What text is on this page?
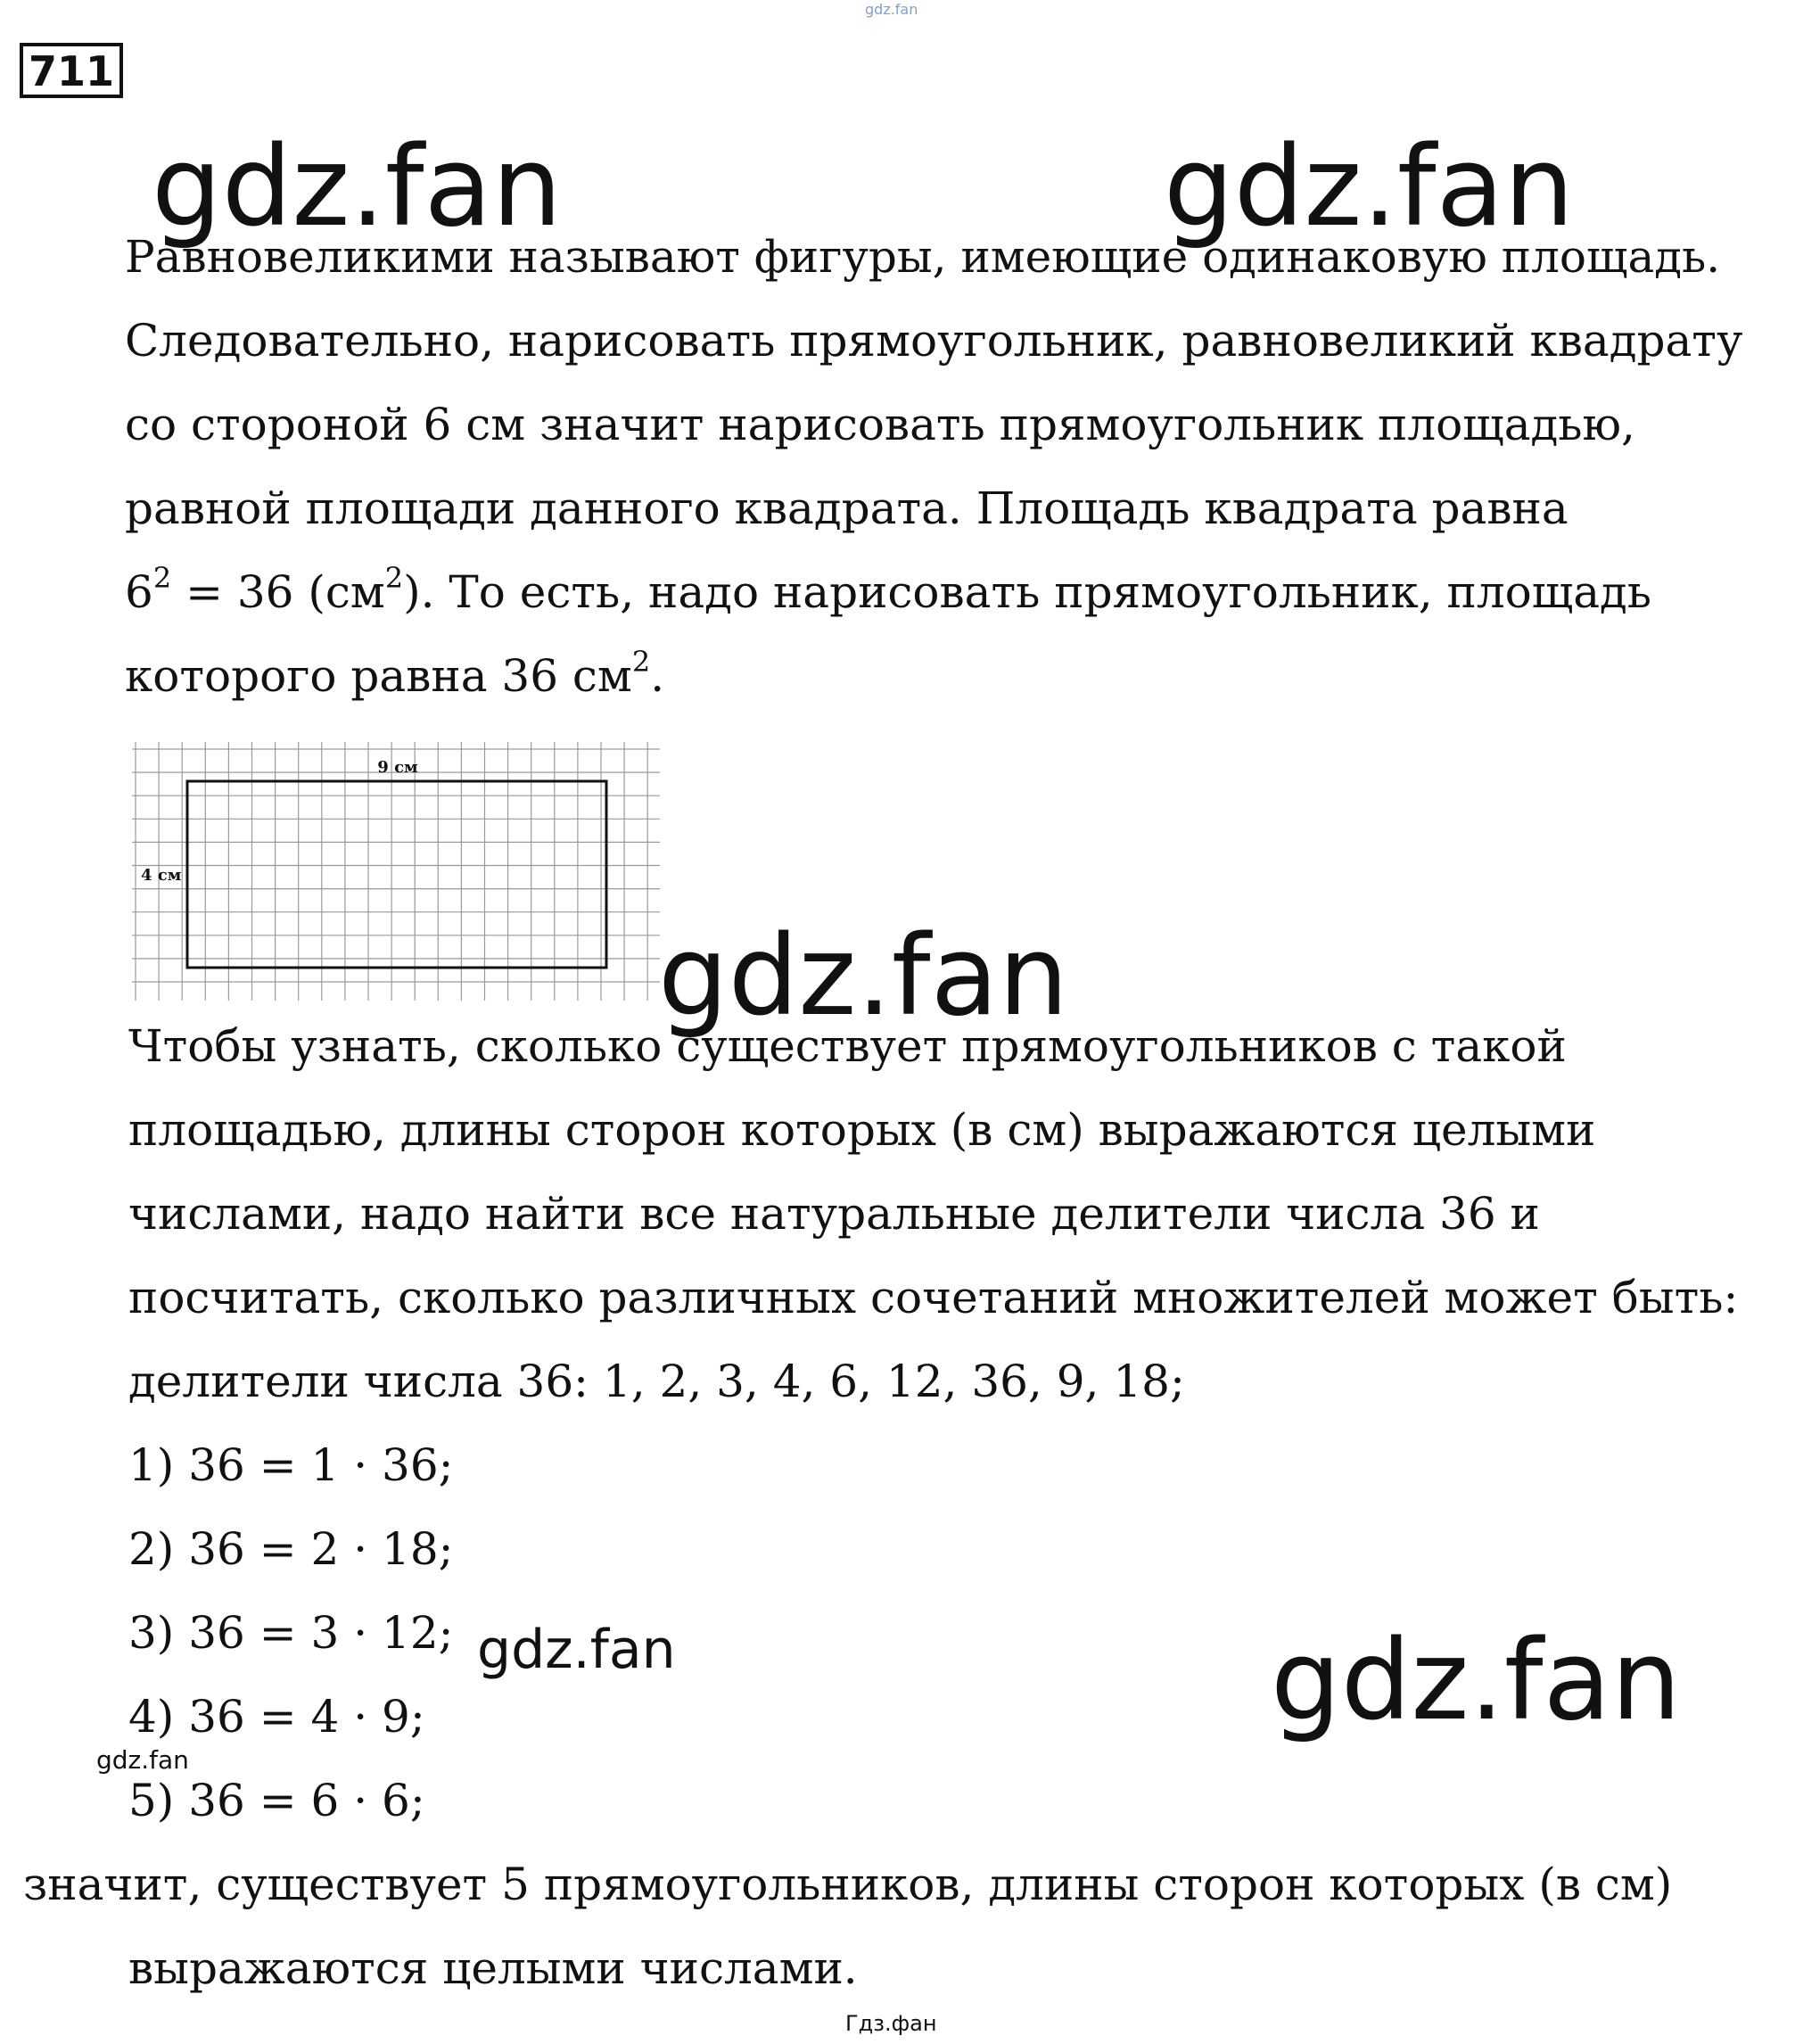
gdz.fan
711
gdz.fan	gdz.fan
Равновеликими называют фигуры, имеющие одинаковую площадь.
Следовательно, нарисовать прямоугольник, равновеликий квадрату
со стороной 6 см значит нарисовать прямоугольник площадью,
равной площади данного квадрата. Площадь квадрата равна
$6^2 = 36$ $(см^2)$. То есть, надо нарисовать прямоугольник, площадь
которого равна 36 $см^2$.
9 см
4 см
gdz.fan
Чтобы узнать, сколько существует прямоугольников с такой
площадью, длины сторон которых (в см) выражаются целыми
числами, надо найти все натуральные делители числа 36 и
посчитать, сколько различных сочетаний множителей может быть:
делители числа 36: 1, 2, 3, 4, 6, 12, 36, 9, 18;
1) 36 = 1 · 36;
2) 36 = 2 · 18;
3) 36 = 3 · 12;
4) 36 = 4 · 9;
5) 36 = 6 · 6;
gdz.fan	gdz.fan
gdz.fan
значит, существует 5 прямоугольников, длины сторон которых (в см)
выражаются целыми числами.
Гдз.фан
